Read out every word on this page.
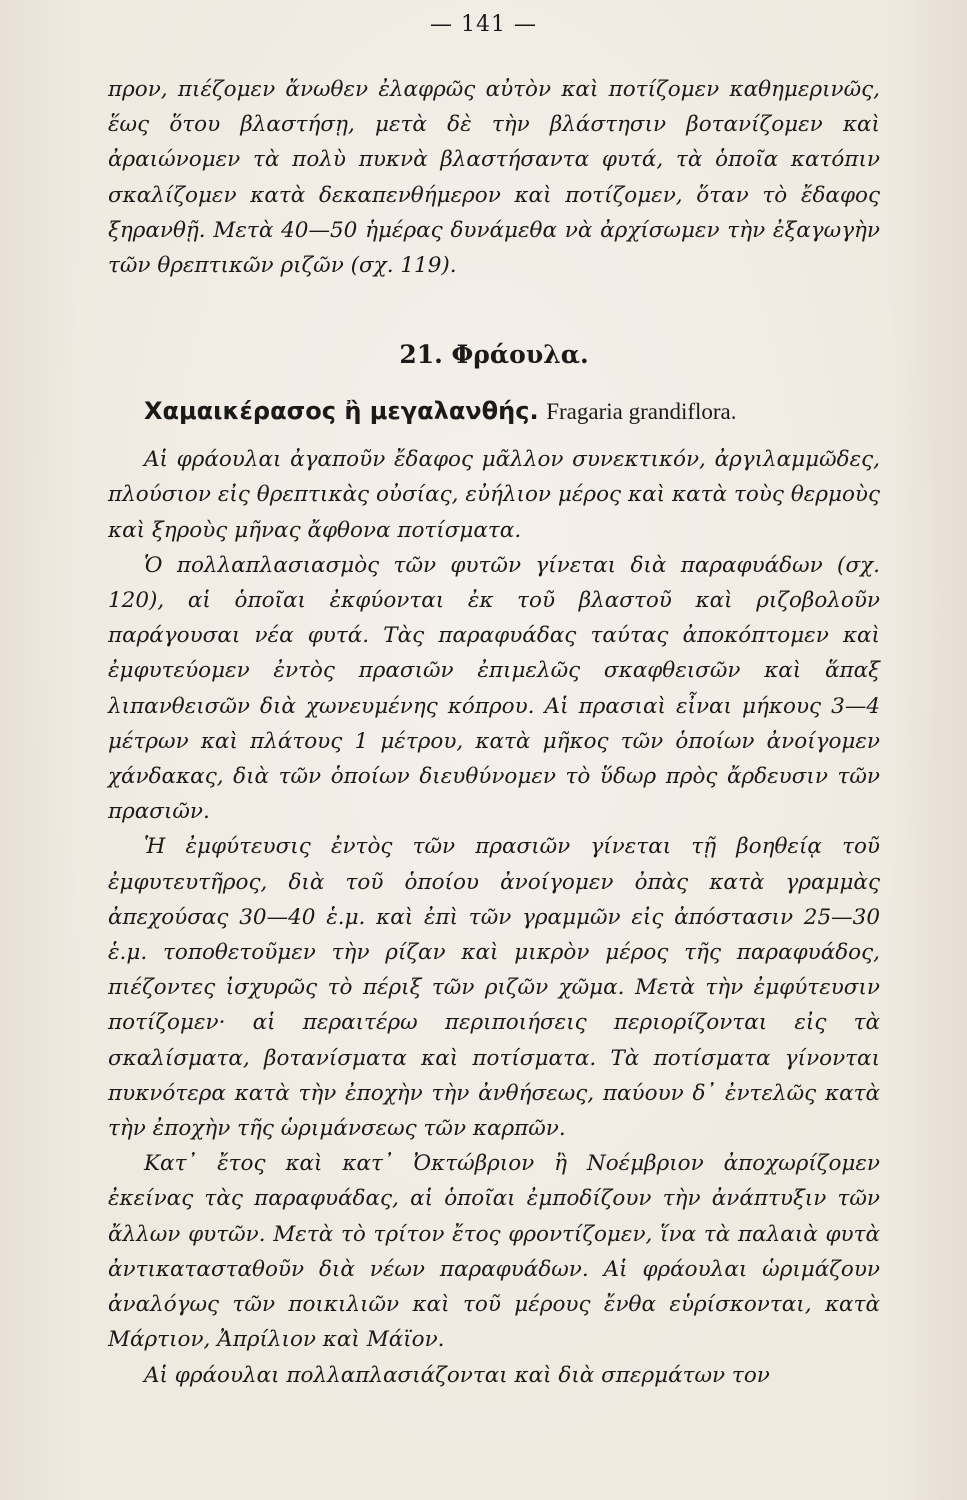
— 141 —

προν, πιέζομεν ἄνωθεν ἐλαφρῶς αὐτὸν καὶ ποτίζομεν καθημερινῶς, ἕως ὅτου βλαστήσῃ, μετὰ δὲ τὴν βλάστησιν βοτανίζομεν καὶ ἀραιώνομεν τὰ πολὺ πυκνὰ βλαστήσαντα φυτά, τὰ ὁποῖα κατόπιν σκαλίζομεν κατὰ δεκαπενθήμερον καὶ ποτίζομεν, ὅταν τὸ ἔδαφος ξηρανθῇ. Μετὰ 40—50 ἡμέρας δυνάμεθα νὰ ἀρχίσωμεν τὴν ἐξαγωγὴν τῶν θρεπτικῶν ριζῶν (σχ. 119).

21. Φράουλα.
Χαμαικέρασος ἢ μεγαλανθής. Fragaria grandiflora.

Αἱ φράουλαι ἀγαποῦν ἔδαφος μᾶλλον συνεκτικόν, ἀργιλαμμῶδες, πλούσιον εἰς θρεπτικὰς οὐσίας, εὐήλιον μέρος καὶ κατὰ τοὺς θερμοὺς καὶ ξηροὺς μῆνας ἄφθονα ποτίσματα.

Ὁ πολλαπλασιασμὸς τῶν φυτῶν γίνεται διὰ παραφυάδων (σχ. 120), αἱ ὁποῖαι ἐκφύονται ἐκ τοῦ βλαστοῦ καὶ ριζοβολοῦν παράγουσαι νέα φυτά. Τὰς παραφυάδας ταύτας ἀποκόπτομεν καὶ ἐμφυτεύομεν ἐντὸς πρασιῶν ἐπιμελῶς σκαφθεισῶν καὶ ἅπαξ λιπανθεισῶν διὰ χωνευμένης κόπρου. Αἱ πρασιαὶ εἶναι μήκους 3—4 μέτρων καὶ πλάτους 1 μέτρου, κατὰ μῆκος τῶν ὁποίων ἀνοίγομεν χάνδακας, διὰ τῶν ὁποίων διευθύνομεν τὸ ὕδωρ πρὸς ἄρδευσιν τῶν πρασιῶν.

Ἡ ἐμφύτευσις ἐντὸς τῶν πρασιῶν γίνεται τῇ βοηθείᾳ τοῦ ἐμφυτευτῆρος, διὰ τοῦ ὁποίου ἀνοίγομεν ὀπὰς κατὰ γραμμὰς ἀπεχούσας 30—40 ἑ.μ. καὶ ἐπὶ τῶν γραμμῶν εἰς ἀπόστασιν 25—30 ἑ.μ. τοποθετοῦμεν τὴν ρίζαν καὶ μικρὸν μέρος τῆς παραφυάδος, πιέζοντες ἰσχυρῶς τὸ πέριξ τῶν ριζῶν χῶμα. Μετὰ τὴν ἐμφύτευσιν ποτίζομεν· αἱ περαιτέρω περιποιήσεις περιορίζονται εἰς τὰ σκαλίσματα, βοτανίσματα καὶ ποτίσματα. Τὰ ποτίσματα γίνονται πυκνότερα κατὰ τὴν ἐποχὴν τὴν ἀνθήσεως, παύουν δ᾽ ἐντελῶς κατὰ τὴν ἐποχὴν τῆς ὡριμάνσεως τῶν καρπῶν.

Κατ᾽ ἔτος καὶ κατ᾽ Ὀκτώβριον ἢ Νοέμβριον ἀποχωρίζομεν ἐκείνας τὰς παραφυάδας, αἱ ὁποῖαι ἐμποδίζουν τὴν ἀνάπτυξιν τῶν ἄλλων φυτῶν. Μετὰ τὸ τρίτον ἔτος φροντίζομεν, ἵνα τὰ παλαιὰ φυτὰ ἀντικατασταθοῦν διὰ νέων παραφυάδων. Αἱ φράουλαι ὡριμάζουν ἀναλόγως τῶν ποικιλιῶν καὶ τοῦ μέρους ἔνθα εὑρίσκονται, κατὰ Μάρτιον, Ἀπρίλιον καὶ Μάϊον.

Αἱ φράουλαι πολλαπλασιάζονται καὶ διὰ σπερμάτων τον
